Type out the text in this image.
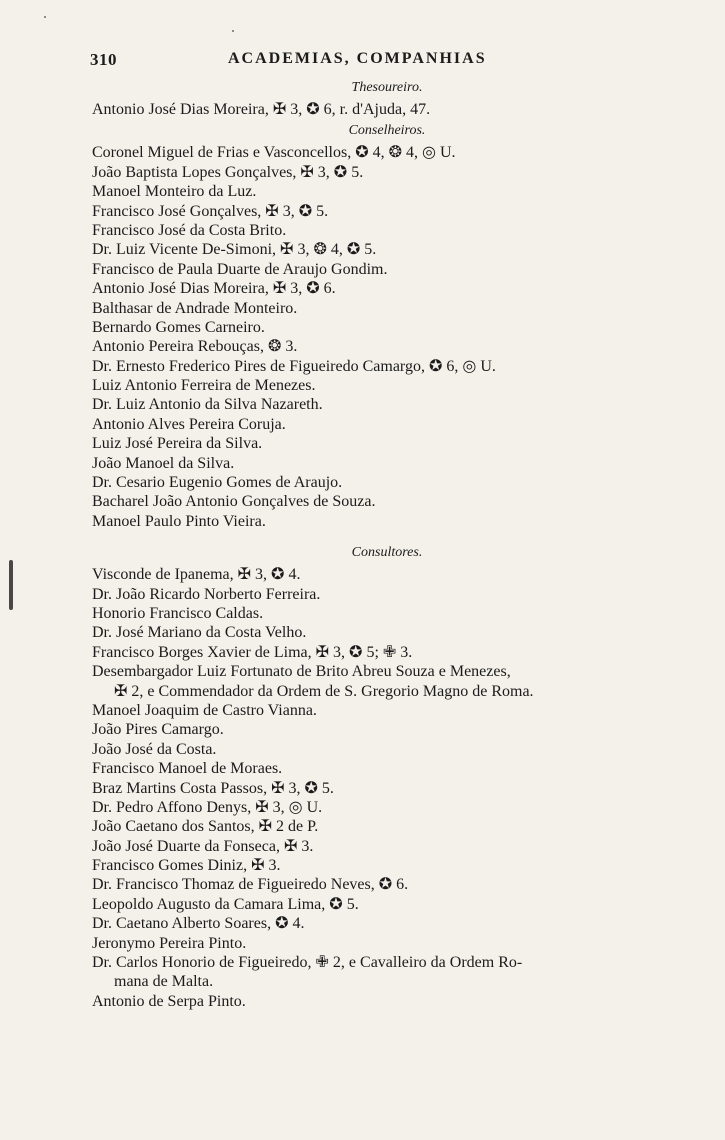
310	ACADEMIAS, COMPANHIAS
Thesoureiro.
Antonio José Dias Moreira, ✠ 3, ✪ 6, r. d'Ajuda, 47.
Conselheiros.
Coronel Miguel de Frias e Vasconcellos, ✪ 4, ❂ 4, ◎ U.
João Baptista Lopes Gonçalves, ✠ 3, ✪ 5.
Manoel Monteiro da Luz.
Francisco José Gonçalves, ✠ 3, ✪ 5.
Francisco José da Costa Brito.
Dr. Luiz Vicente De-Simoni, ✠ 3, ❂ 4, ✪ 5.
Francisco de Paula Duarte de Araujo Gondim.
Antonio José Dias Moreira, ✠ 3, ✪ 6.
Balthasar de Andrade Monteiro.
Bernardo Gomes Carneiro.
Antonio Pereira Rebouças, ❂ 3.
Dr. Ernesto Frederico Pires de Figueiredo Camargo, ✪ 6, ◎ U.
Luiz Antonio Ferreira de Menezes.
Dr. Luiz Antonio da Silva Nazareth.
Antonio Alves Pereira Coruja.
Luiz José Pereira da Silva.
João Manoel da Silva.
Dr. Cesario Eugenio Gomes de Araujo.
Bacharel João Antonio Gonçalves de Souza.
Manoel Paulo Pinto Vieira.
Consultores.
Visconde de Ipanema, ✠ 3, ✪ 4.
Dr. João Ricardo Norberto Ferreira.
Honorio Francisco Caldas.
Dr. José Mariano da Costa Velho.
Francisco Borges Xavier de Lima, ✠ 3, ✪ 5; ✙ 3.
Desembargador Luiz Fortunato de Brito Abreu Souza e Menezes,
✠ 2, e Commendador da Ordem de S. Gregorio Magno de Roma.
Manoel Joaquim de Castro Vianna.
João Pires Camargo.
João José da Costa.
Francisco Manoel de Moraes.
Braz Martins Costa Passos, ✠ 3, ✪ 5.
Dr. Pedro Affono Denys, ✠ 3, ◎ U.
João Caetano dos Santos, ✠ 2 de P.
João José Duarte da Fonseca, ✠ 3.
Francisco Gomes Diniz, ✠ 3.
Dr. Francisco Thomaz de Figueiredo Neves, ✪ 6.
Leopoldo Augusto da Camara Lima, ✪ 5.
Dr. Caetano Alberto Soares, ✪ 4.
Jeronymo Pereira Pinto.
Dr. Carlos Honorio de Figueiredo, ✙ 2, e Cavalleiro da Ordem Ro-
mana de Malta.
Antonio de Serpa Pinto.
